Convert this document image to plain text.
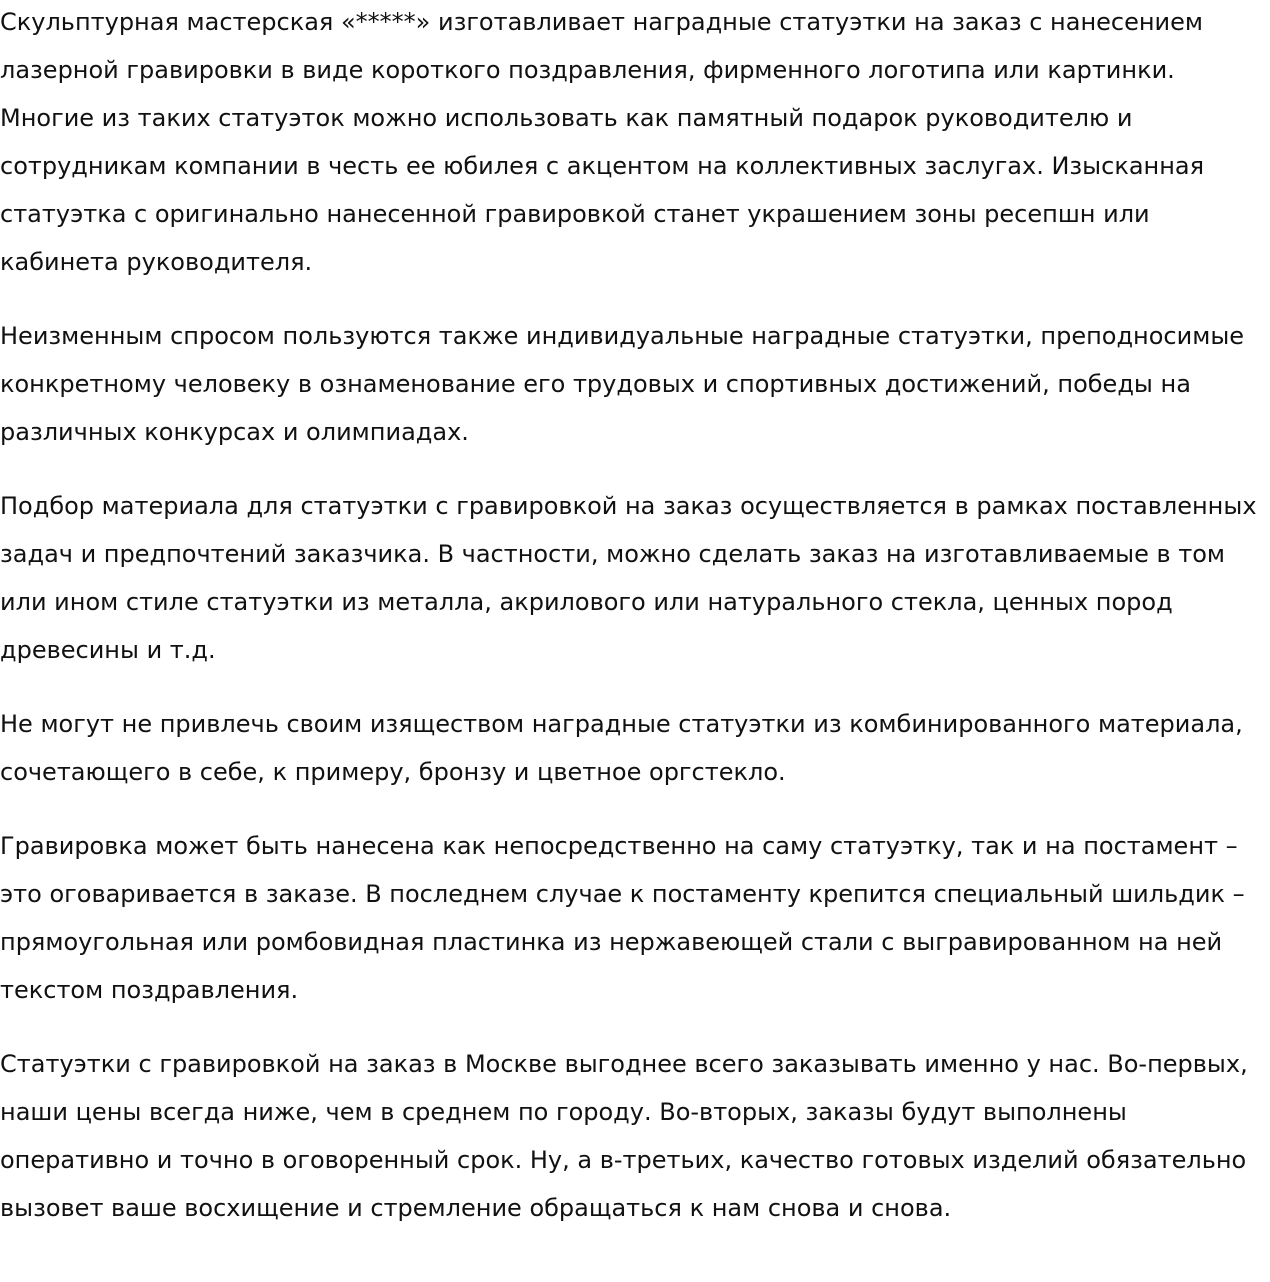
Скульптурная мастерская «*****» изготавливает наградные статуэтки на заказ с нанесением лазерной гравировки в виде короткого поздравления, фирменного логотипа или картинки. Многие из таких статуэток можно использовать как памятный подарок руководителю и сотрудникам компании в честь ее юбилея с акцентом на коллективных заслугах. Изысканная статуэтка с оригинально нанесенной гравировкой станет украшением зоны ресепшн или кабинета руководителя.

Неизменным спросом пользуются также индивидуальные наградные статуэтки, преподносимые конкретному человеку в ознаменование его трудовых и спортивных достижений, победы на различных конкурсах и олимпиадах.

Подбор материала для статуэтки с гравировкой на заказ осуществляется в рамках поставленных задач и предпочтений заказчика. В частности, можно сделать заказ на изготавливаемые в том или ином стиле статуэтки из металла, акрилового или натурального стекла, ценных пород древесины и т.д.

Не могут не привлечь своим изяществом наградные статуэтки из комбинированного материала, сочетающего в себе, к примеру, бронзу и цветное оргстекло.

Гравировка может быть нанесена как непосредственно на саму статуэтку, так и на постамент – это оговаривается в заказе. В последнем случае к постаменту крепится специальный шильдик – прямоугольная или ромбовидная пластинка из нержавеющей стали с выгравированном на ней текстом поздравления.

Статуэтки с гравировкой на заказ в Москве выгоднее всего заказывать именно у нас. Во-первых, наши цены всегда ниже, чем в среднем по городу. Во-вторых, заказы будут выполнены оперативно и точно в оговоренный срок. Ну, а в-третьих, качество готовых изделий обязательно вызовет ваше восхищение и стремление обращаться к нам снова и снова.
